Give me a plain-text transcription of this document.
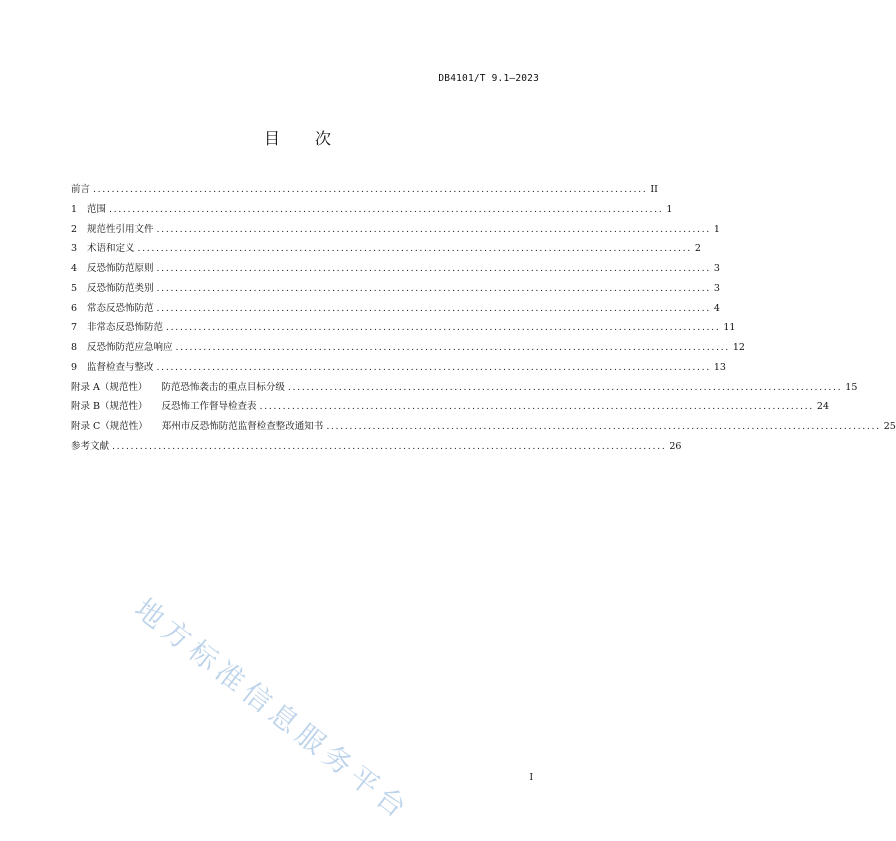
DB4101/T 9.1—2023
目 次
前言 ........................................................................................................................ II
1 范围 ........................................................................................................................ 1
2 规范性引用文件 ........................................................................................................................ 1
3 术语和定义 ........................................................................................................................ 2
4 反恐怖防范原则 ........................................................................................................................ 3
5 反恐怖防范类别 ........................................................................................................................ 3
6 常态反恐怖防范 ........................................................................................................................ 4
7 非常态反恐怖防范 ........................................................................................................................ 11
8 反恐怖防范应急响应 ........................................................................................................................ 12
9 监督检查与整改 ........................................................................................................................ 13
附录 A（规范性） 防范恐怖袭击的重点目标分级 ........................................................................................................................ 15
附录 B（规范性） 反恐怖工作督导检查表 ........................................................................................................................ 24
附录 C（规范性） 郑州市反恐怖防范监督检查整改通知书 ........................................................................................................................ 25
参考文献 ........................................................................................................................ 26
地方标准信息服务平台	I
